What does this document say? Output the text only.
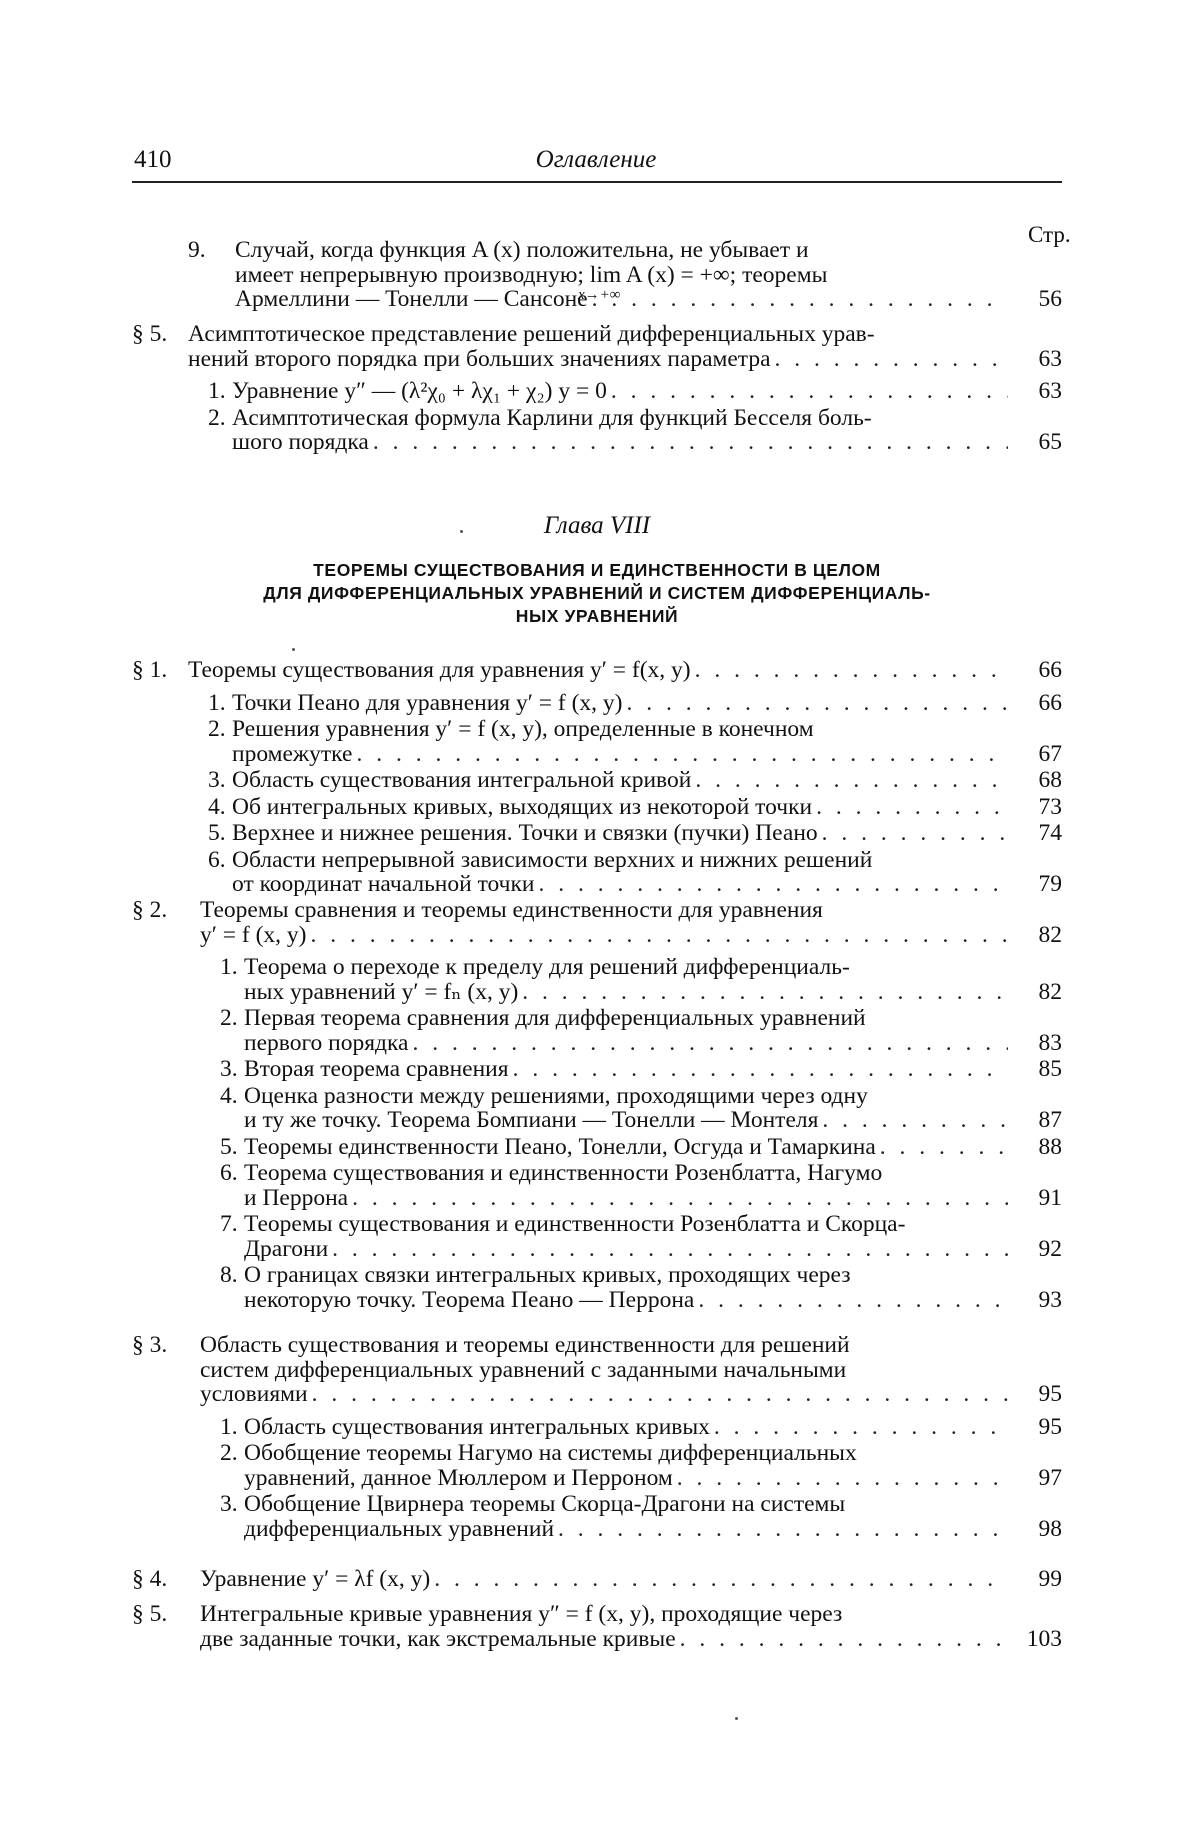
410	Оглавление
Стр.
9. Случай, когда функция A (x) положительна, не убывает и
имеет непрерывную производную; lim A (x) = +∞; теоремы
Армеллини — Тонелли — Сансоне . . .	56
x→+∞
§ 5. Асимптотическое представление решений дифференциальных урав-
нений второго порядка при больших значениях параметра . . .	63
1. Уравнение y″ — (λ²χ₀ + λχ₁ + χ₂) y = 0 . . .	63
2. Асимптотическая формула Карлини для функций Бесселя боль-
шого порядка . . .	65
Глава VIII
ТЕОРЕМЫ СУЩЕСТВОВАНИЯ И ЕДИНСТВЕННОСТИ В ЦЕЛОМ
ДЛЯ ДИФФЕРЕНЦИАЛЬНЫХ УРАВНЕНИЙ И СИСТЕМ ДИФФЕРЕНЦИАЛЬ-
НЫХ УРАВНЕНИЙ
§ 1. Теоремы существования для уравнения y′ = f(x, y) . . .	66
1. Точки Пеано для уравнения y′ = f (x, y) . . .	66
2. Решения уравнения y′ = f (x, y), определенные в конечном
промежутке . . .	67
3. Область существования интегральной кривой . . .	68
4. Об интегральных кривых, выходящих из некоторой точки . . .	73
5. Верхнее и нижнее решения. Точки и связки (пучки) Пеано . . .	74
6. Области непрерывной зависимости верхних и нижних решений
от координат начальной точки . . .	79
§ 2. Теоремы сравнения и теоремы единственности для уравнения
y′ = f (x, y) . . .	82
1. Теорема о переходе к пределу для решений дифференциаль-
ных уравнений y′ = fₙ (x, y) . . .	82
2. Первая теорема сравнения для дифференциальных уравнений
первого порядка . . .	83
3. Вторая теорема сравнения . . .	85
4. Оценка разности между решениями, проходящими через одну
и ту же точку. Теорема Бомпиани — Тонелли — Монтеля . . .	87
5. Теоремы единственности Пеано, Тонелли, Осгуда и Тамаркина . . .	88
6. Теорема существования и единственности Розенблатта, Нагумо
и Перрона . . .	91
7. Теоремы существования и единственности Розенблатта и Скорца-
Драгони . . .	92
8. О границах связки интегральных кривых, проходящих через
некоторую точку. Теорема Пеано — Перрона . . .	93
§ 3. Область существования и теоремы единственности для решений
систем дифференциальных уравнений с заданными начальными
условиями . . .	95
1. Область существования интегральных кривых . . .	95
2. Обобщение теоремы Нагумо на системы дифференциальных
уравнений, данное Мюллером и Перроном . . .	97
3. Обобщение Цвирнера теоремы Скорца-Драгони на системы
дифференциальных уравнений . . .	98
§ 4. Уравнение y′ = λf (x, y) . . .	99
§ 5. Интегральные кривые уравнения y″ = f (x, y), проходящие через
две заданные точки, как экстремальные кривые . . .	103
